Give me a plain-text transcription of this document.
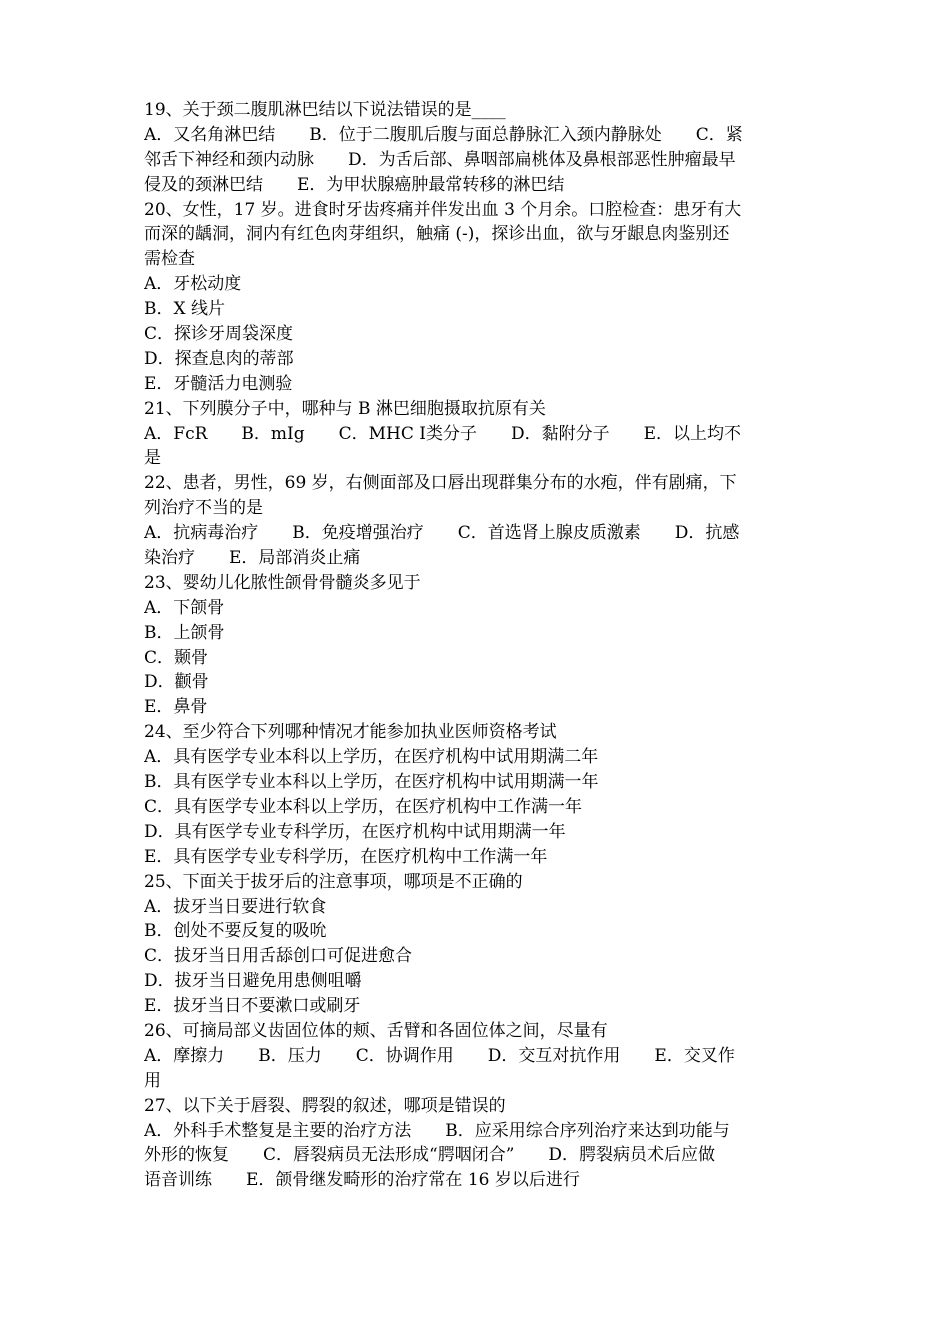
19、关于颈二腹肌淋巴结以下说法错误的是____
A．又名角淋巴结　　B．位于二腹肌后腹与面总静脉汇入颈内静脉处　　C．紧
邻舌下神经和颈内动脉　　D．为舌后部、鼻咽部扁桃体及鼻根部恶性肿瘤最早
侵及的颈淋巴结　　E．为甲状腺癌肿最常转移的淋巴结
20、女性，17 岁。进食时牙齿疼痛并伴发出血 3 个月余。口腔检查：患牙有大
而深的龋洞，洞内有红色肉芽组织，触痛 (-)，探诊出血，欲与牙龈息肉鉴别还
需检查
A．牙松动度
B．X 线片
C．探诊牙周袋深度
D．探查息肉的蒂部
E．牙髓活力电测验
21、下列膜分子中，哪种与 B 淋巴细胞摄取抗原有关
A．FcR　　B．mIg　　C．MHC Ⅰ类分子　　D．黏附分子　　E．以上均不
是
22、患者，男性，69 岁，右侧面部及口唇出现群集分布的水疱，伴有剧痛，下
列治疗不当的是
A．抗病毒治疗　　B．免疫增强治疗　　C．首选肾上腺皮质激素　　D．抗感
染治疗　　E．局部消炎止痛
23、婴幼儿化脓性颌骨骨髓炎多见于
A．下颌骨
B．上颌骨
C．颞骨
D．颧骨
E．鼻骨
24、至少符合下列哪种情况才能参加执业医师资格考试
A．具有医学专业本科以上学历，在医疗机构中试用期满二年
B．具有医学专业本科以上学历，在医疗机构中试用期满一年
C．具有医学专业本科以上学历，在医疗机构中工作满一年
D．具有医学专业专科学历，在医疗机构中试用期满一年
E．具有医学专业专科学历，在医疗机构中工作满一年
25、下面关于拔牙后的注意事项，哪项是不正确的
A．拔牙当日要进行软食
B．创处不要反复的吸吮
C．拔牙当日用舌舔创口可促进愈合
D．拔牙当日避免用患侧咀嚼
E．拔牙当日不要漱口或刷牙
26、可摘局部义齿固位体的颊、舌臂和各固位体之间，尽量有
A．摩擦力　　B．压力　　C．协调作用　　D．交互对抗作用　　E．交叉作
用
27、以下关于唇裂、腭裂的叙述，哪项是错误的
A．外科手术整复是主要的治疗方法　　B．应采用综合序列治疗来达到功能与
外形的恢复　　C．唇裂病员无法形成“腭咽闭合”　　D．腭裂病员术后应做
语音训练　　E．颌骨继发畸形的治疗常在 16 岁以后进行
